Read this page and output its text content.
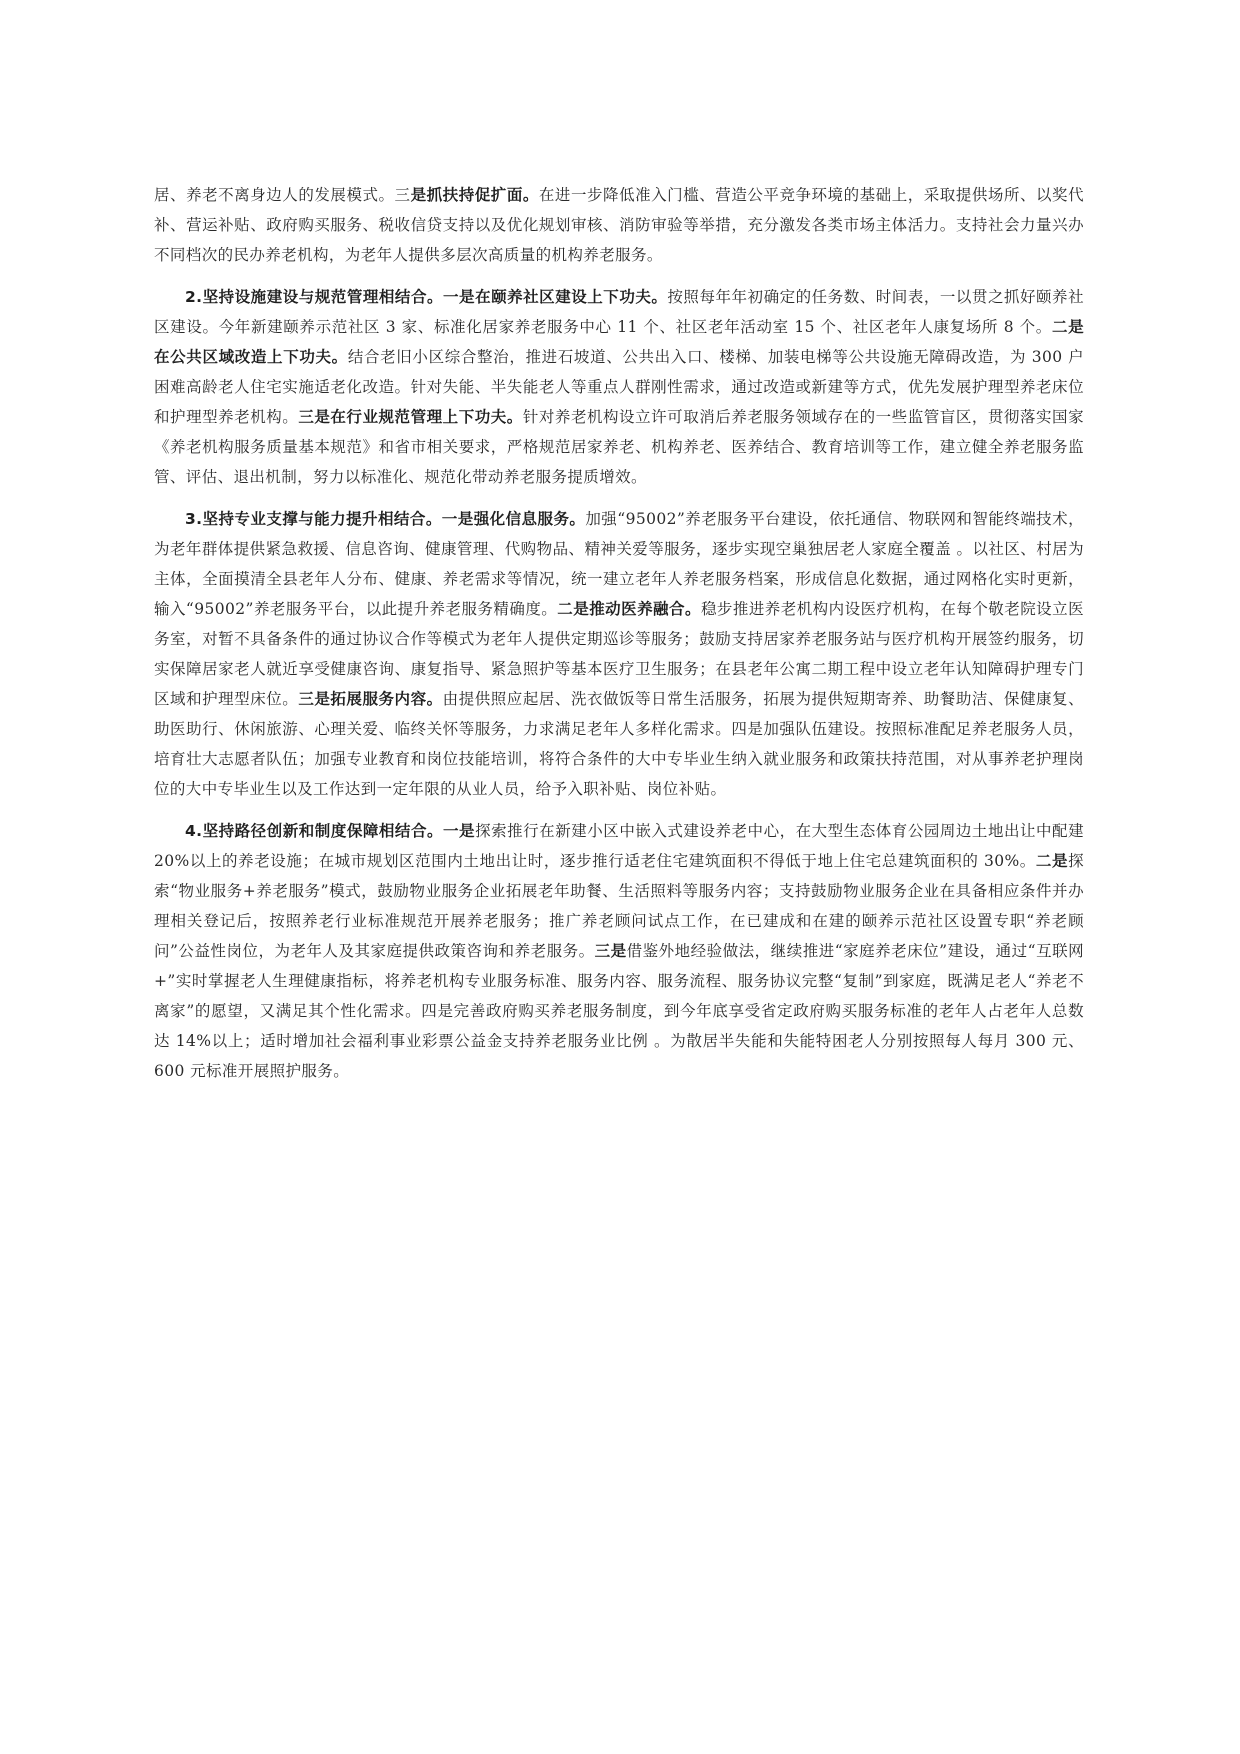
居、养老不离身边人的发展模式。三是抓扶持促扩面。在进一步降低准入门槛、营造公平竞争环境的基础上，采取提供场所、以奖代补、营运补贴、政府购买服务、税收信贷支持以及优化规划审核、消防审验等举措，充分激发各类市场主体活力。支持社会力量兴办不同档次的民办养老机构，为老年人提供多层次高质量的机构养老服务。

2.坚持设施建设与规范管理相结合。一是在颐养社区建设上下功夫。按照每年年初确定的任务数、时间表，一以贯之抓好颐养社区建设。今年新建颐养示范社区 3 家、标准化居家养老服务中心 11 个、社区老年活动室 15 个、社区老年人康复场所 8 个。二是在公共区域改造上下功夫。结合老旧小区综合整治，推进石坡道、公共出入口、楼梯、加装电梯等公共设施无障碍改造，为 300 户困难高龄老人住宅实施适老化改造。针对失能、半失能老人等重点人群刚性需求，通过改造或新建等方式，优先发展护理型养老床位和护理型养老机构。三是在行业规范管理上下功夫。针对养老机构设立许可取消后养老服务领域存在的一些监管盲区，贯彻落实国家《养老机构服务质量基本规范》和省市相关要求，严格规范居家养老、机构养老、医养结合、教育培训等工作，建立健全养老服务监管、评估、退出机制，努力以标准化、规范化带动养老服务提质增效。

3.坚持专业支撑与能力提升相结合。一是强化信息服务。加强“95002”养老服务平台建设，依托通信、物联网和智能终端技术，为老年群体提供紧急救援、信息咨询、健康管理、代购物品、精神关爱等服务，逐步实现空巢独居老人家庭全覆盖 。以社区、村居为主体，全面摸清全县老年人分布、健康、养老需求等情况，统一建立老年人养老服务档案，形成信息化数据，通过网格化实时更新，输入“95002”养老服务平台，以此提升养老服务精确度。二是推动医养融合。稳步推进养老机构内设医疗机构，在每个敬老院设立医务室，对暂不具备条件的通过协议合作等模式为老年人提供定期巡诊等服务；鼓励支持居家养老服务站与医疗机构开展签约服务，切实保障居家老人就近享受健康咨询、康复指导、紧急照护等基本医疗卫生服务；在县老年公寓二期工程中设立老年认知障碍护理专门区域和护理型床位。三是拓展服务内容。由提供照应起居、洗衣做饭等日常生活服务，拓展为提供短期寄养、助餐助洁、保健康复、助医助行、休闲旅游、心理关爱、临终关怀等服务，力求满足老年人多样化需求。四是加强队伍建设。按照标准配足养老服务人员，培育壮大志愿者队伍；加强专业教育和岗位技能培训，将符合条件的大中专毕业生纳入就业服务和政策扶持范围，对从事养老护理岗位的大中专毕业生以及工作达到一定年限的从业人员，给予入职补贴、岗位补贴。

4.坚持路径创新和制度保障相结合。一是探索推行在新建小区中嵌入式建设养老中心，在大型生态体育公园周边土地出让中配建 20%以上的养老设施；在城市规划区范围内土地出让时，逐步推行适老住宅建筑面积不得低于地上住宅总建筑面积的 30%。二是探索“物业服务+养老服务”模式，鼓励物业服务企业拓展老年助餐、生活照料等服务内容；支持鼓励物业服务企业在具备相应条件并办理相关登记后，按照养老行业标准规范开展养老服务；推广养老顾问试点工作，在已建成和在建的颐养示范社区设置专职“养老顾问”公益性岗位，为老年人及其家庭提供政策咨询和养老服务。三是借鉴外地经验做法，继续推进“家庭养老床位”建设，通过“互联网+”实时掌握老人生理健康指标，将养老机构专业服务标准、服务内容、服务流程、服务协议完整“复制”到家庭，既满足老人“养老不离家”的愿望，又满足其个性化需求。四是完善政府购买养老服务制度，到今年底享受省定政府购买服务标准的老年人占老年人总数达 14%以上；适时增加社会福利事业彩票公益金支持养老服务业比例 。为散居半失能和失能特困老人分别按照每人每月 300 元、600 元标准开展照护服务。
